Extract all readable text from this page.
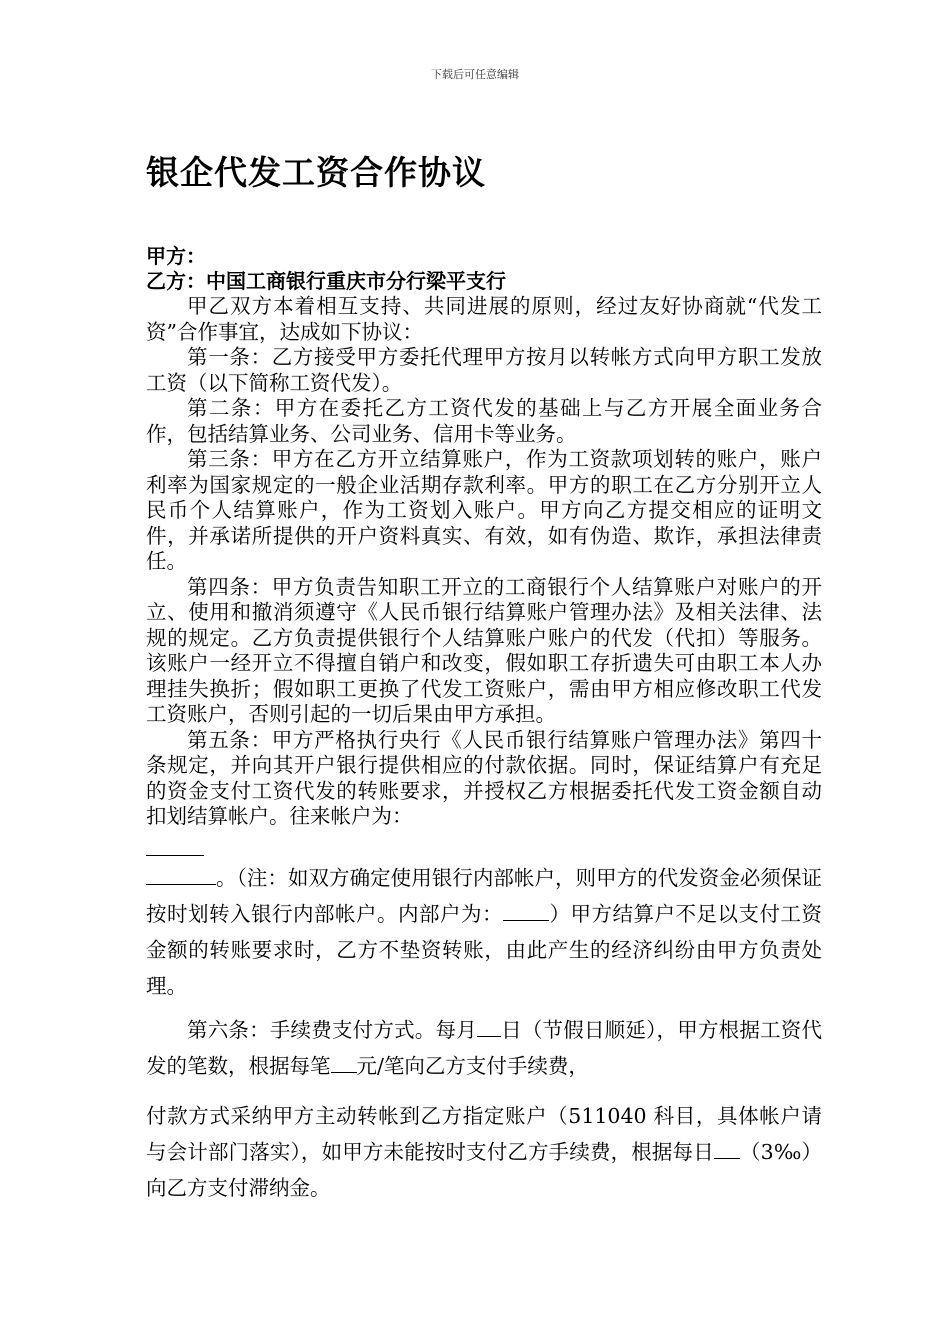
下载后可任意编辑
银企代发工资合作协议

甲方：

乙方：中国工商银行重庆市分行梁平支行

甲乙双方本着相互支持、共同进展的原则，经过友好协商就“代发工资”合作事宜，达成如下协议：

第一条：乙方接受甲方委托代理甲方按月以转帐方式向甲方职工发放工资（以下简称工资代发）。

第二条：甲方在委托乙方工资代发的基础上与乙方开展全面业务合作，包括结算业务、公司业务、信用卡等业务。

第三条：甲方在乙方开立结算账户，作为工资款项划转的账户，账户利率为国家规定的一般企业活期存款利率。甲方的职工在乙方分别开立人民币个人结算账户，作为工资划入账户。甲方向乙方提交相应的证明文件，并承诺所提供的开户资料真实、有效，如有伪造、欺诈，承担法律责任。

第四条：甲方负责告知职工开立的工商银行个人结算账户对账户的开立、使用和撤消须遵守《人民币银行结算账户管理办法》及相关法律、法规的规定。乙方负责提供银行个人结算账户账户的代发（代扣）等服务。该账户一经开立不得擅自销户和改变，假如职工存折遗失可由职工本人办理挂失换折；假如职工更换了代发工资账户，需由甲方相应修改职工代发工资账户，否则引起的一切后果由甲方承担。

第五条：甲方严格执行央行《人民币银行结算账户管理办法》第四十条规定，并向其开户银行提供相应的付款依据。同时，保证结算户有充足的资金支付工资代发的转账要求，并授权乙方根据委托代发工资金额自动扣划结算帐户。往来帐户为：

。（注：如双方确定使用银行内部帐户，则甲方的代发资金必须保证按时划转入银行内部帐户。内部户为： ）甲方结算户不足以支付工资金额的转账要求时，乙方不垫资转账，由此产生的经济纠纷由甲方负责处理。

第六条：手续费支付方式。每月 日（节假日顺延），甲方根据工资代发的笔数，根据每笔 元/笔向乙方支付手续费，

付款方式采纳甲方主动转帐到乙方指定账户（511040 科目，具体帐户请与会计部门落实），如甲方未能按时支付乙方手续费，根据每日 （3‰）向乙方支付滞纳金。
